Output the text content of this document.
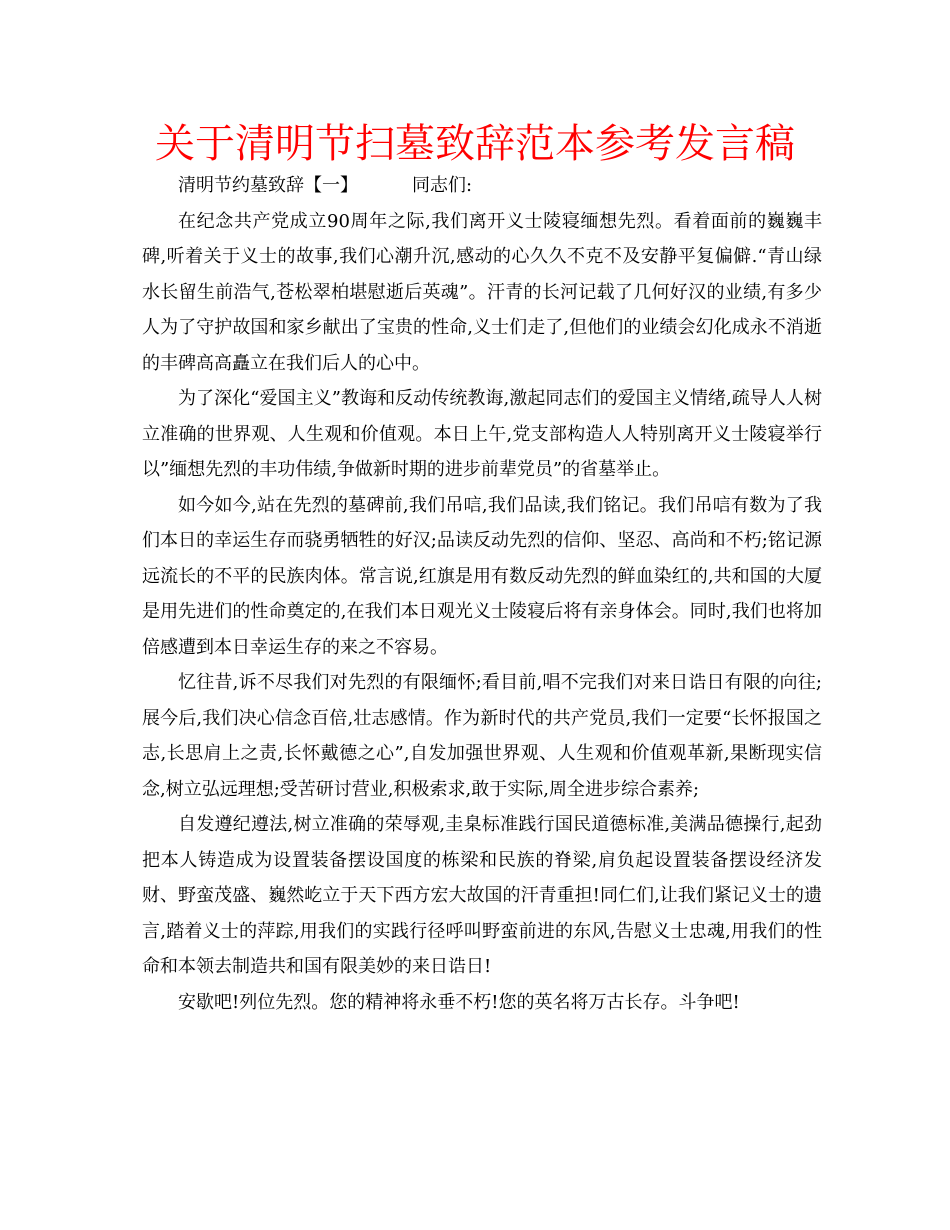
关于清明节扫墓致辞范本参考发言稿

清明节约墓致辞【一】	同志们:

在纪念共产党成立90周年之际,我们离开义士陵寝缅想先烈。看着面前的巍巍丰碑,听着关于义士的故事,我们心潮升沉,感动的心久久不克不及安静平复偏僻.“青山绿水长留生前浩气,苍松翠柏堪慰逝后英魂”。汗青的长河记载了几何好汉的业绩,有多少人为了守护故国和家乡献出了宝贵的性命,义士们走了,但他们的业绩会幻化成永不消逝的丰碑高高矗立在我们后人的心中。

为了深化“爱国主义”教诲和反动传统教诲,激起同志们的爱国主义情绪,疏导人人树立准确的世界观、人生观和价值观。本日上午,党支部构造人人特别离开义士陵寝举行以”缅想先烈的丰功伟绩,争做新时期的进步前辈党员”的省墓举止。

如今如今,站在先烈的墓碑前,我们吊唁,我们品读,我们铭记。我们吊唁有数为了我们本日的幸运生存而骁勇牺牲的好汉;品读反动先烈的信仰、坚忍、高尚和不朽;铭记源远流长的不平的民族肉体。常言说,红旗是用有数反动先烈的鲜血染红的,共和国的大厦是用先进们的性命奠定的,在我们本日观光义士陵寝后将有亲身体会。同时,我们也将加倍感遭到本日幸运生存的来之不容易。

忆往昔,诉不尽我们对先烈的有限缅怀;看目前,唱不完我们对来日诰日有限的向往;展今后,我们决心信念百倍,壮志感情。作为新时代的共产党员,我们一定要“长怀报国之志,长思肩上之责,长怀戴德之心”,自发加强世界观、人生观和价值观革新,果断现实信念,树立弘远理想;受苦研讨营业,积极索求,敢于实际,周全进步综合素养;

自发遵纪遵法,树立准确的荣辱观,圭臬标准践行国民道德标准,美满品德操行,起劲把本人铸造成为设置装备摆设国度的栋梁和民族的脊梁,肩负起设置装备摆设经济发财、野蛮茂盛、巍然屹立于天下西方宏大故国的汗青重担!同仁们,让我们紧记义士的遗言,踏着义士的萍踪,用我们的实践行径呼叫野蛮前进的东风,告慰义士忠魂,用我们的性命和本领去制造共和国有限美妙的来日诰日!

安歇吧!列位先烈。您的精神将永垂不朽!您的英名将万古长存。斗争吧!
